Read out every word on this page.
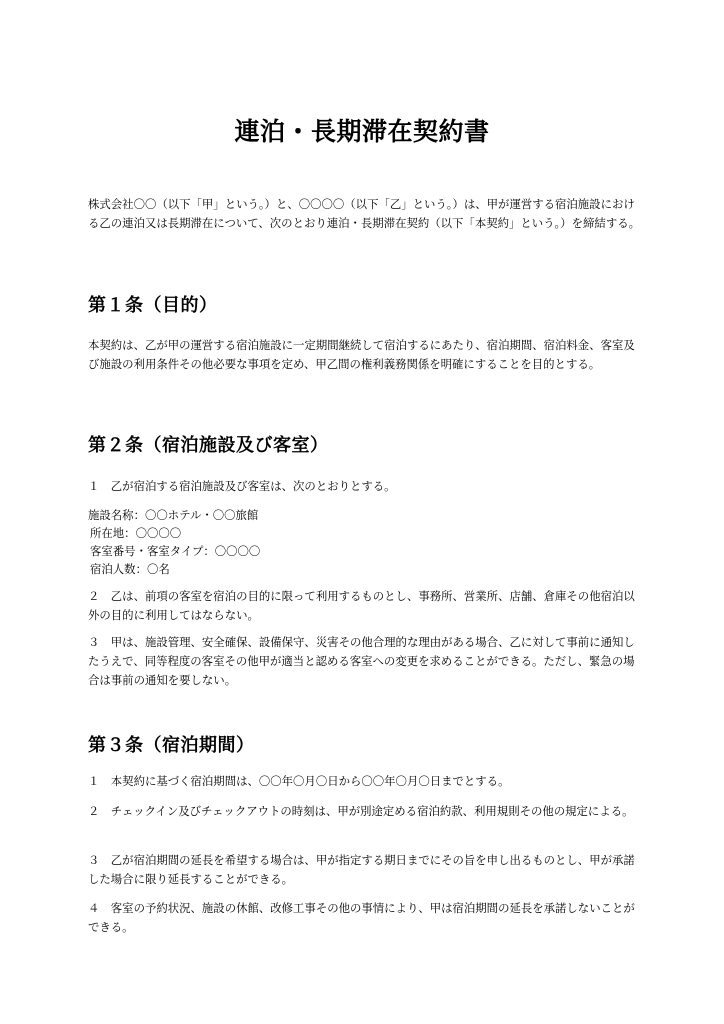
連泊・長期滞在契約書

株式会社〇〇（以下「甲」という。）と、〇〇〇〇（以下「乙」という。）は、甲が運営する宿泊施設における乙の連泊又は長期滞在について、次のとおり連泊・長期滞在契約（以下「本契約」という。）を締結する。

第１条（目的）

本契約は、乙が甲の運営する宿泊施設に一定期間継続して宿泊するにあたり、宿泊期間、宿泊料金、客室及び施設の利用条件その他必要な事項を定め、甲乙間の権利義務関係を明確にすることを目的とする。

第２条（宿泊施設及び客室）

１　乙が宿泊する宿泊施設及び客室は、次のとおりとする。

施設名称：〇〇ホテル・〇〇旅館

所在地：〇〇〇〇

客室番号・客室タイプ：〇〇〇〇

宿泊人数：〇名

２　乙は、前項の客室を宿泊の目的に限って利用するものとし、事務所、営業所、店舗、倉庫その他宿泊以外の目的に利用してはならない。

３　甲は、施設管理、安全確保、設備保守、災害その他合理的な理由がある場合、乙に対して事前に通知したうえで、同等程度の客室その他甲が適当と認める客室への変更を求めることができる。ただし、緊急の場合は事前の通知を要しない。

第３条（宿泊期間）

１　本契約に基づく宿泊期間は、〇〇年〇月〇日から〇〇年〇月〇日までとする。

２　チェックイン及びチェックアウトの時刻は、甲が別途定める宿泊約款、利用規則その他の規定による。

３　乙が宿泊期間の延長を希望する場合は、甲が指定する期日までにその旨を申し出るものとし、甲が承諾した場合に限り延長することができる。

４　客室の予約状況、施設の休館、改修工事その他の事情により、甲は宿泊期間の延長を承諾しないことができる。
